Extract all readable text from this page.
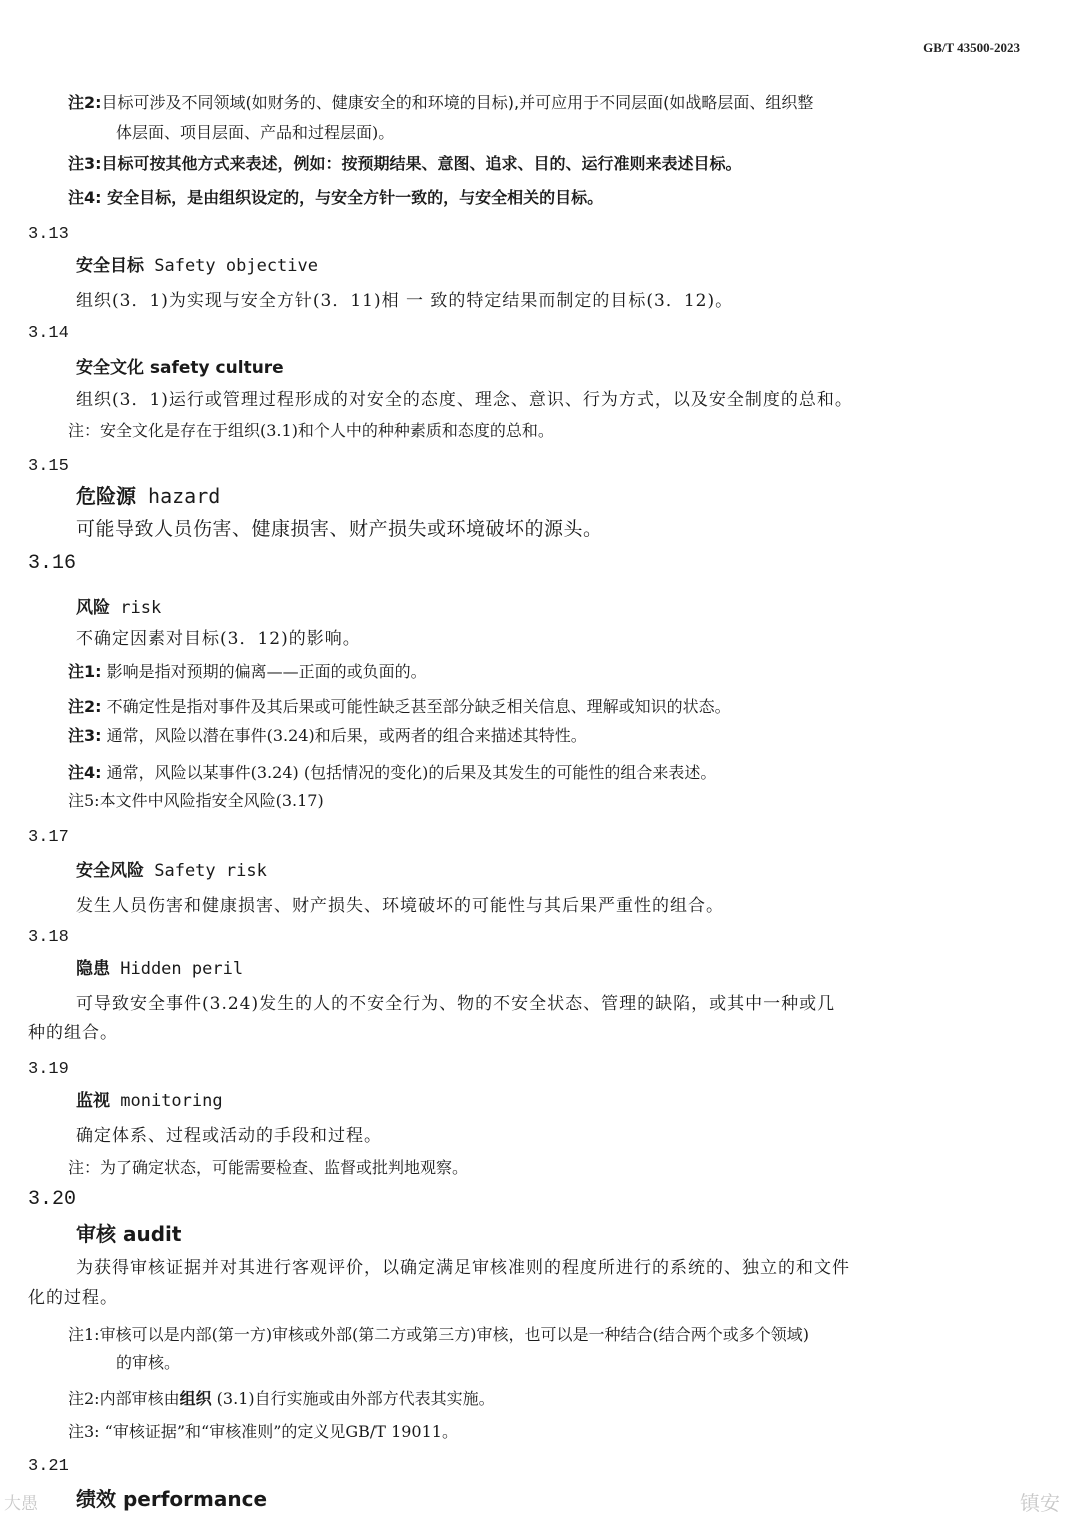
GB/T 43500-2023
注2:目标可涉及不同领域(如财务的、健康安全的和环境的目标),并可应用于不同层面(如战略层面、组织整
体层面、项目层面、产品和过程层面)。
注3:目标可按其他方式来表述，例如：按预期结果、意图、追求、目的、运行准则来表述目标。
注4: 安全目标，是由组织设定的，与安全方针一致的，与安全相关的目标。
3.13
安全目标 Safety objective
组织(3．1)为实现与安全方针(3．11)相 一 致的特定结果而制定的目标(3．12)。
3.14
安全文化 safety culture
组织(3．1)运行或管理过程形成的对安全的态度、理念、意识、行为方式，以及安全制度的总和。
注：安全文化是存在于组织(3.1)和个人中的种种素质和态度的总和。
3.15
危险源 hazard
可能导致人员伤害、健康损害、财产损失或环境破坏的源头。
3.16
风险 risk
不确定因素对目标(3．12)的影响。
注1: 影响是指对预期的偏离——正面的或负面的。
注2: 不确定性是指对事件及其后果或可能性缺乏甚至部分缺乏相关信息、理解或知识的状态。
注3: 通常，风险以潜在事件(3.24)和后果，或两者的组合来描述其特性。
注4: 通常，风险以某事件(3.24) (包括情况的变化)的后果及其发生的可能性的组合来表述。
注5:本文件中风险指安全风险(3.17)
3.17
安全风险 Safety risk
发生人员伤害和健康损害、财产损失、环境破坏的可能性与其后果严重性的组合。
3.18
隐患 Hidden peril
可导致安全事件(3.24)发生的人的不安全行为、物的不安全状态、管理的缺陷，或其中一种或几
种的组合。
3.19
监视 monitoring
确定体系、过程或活动的手段和过程。
注：为了确定状态，可能需要检查、监督或批判地观察。
3.20
审核 audit
为获得审核证据并对其进行客观评价，以确定满足审核准则的程度所进行的系统的、独立的和文件
化的过程。
注1:审核可以是内部(第一方)审核或外部(第二方或第三方)审核，也可以是一种结合(结合两个或多个领域)
的审核。
注2:内部审核由组织 (3.1)自行实施或由外部方代表其实施。
注3: “审核证据”和“审核准则”的定义见GB/T 19011。
3.21
绩效 performance
大愚	镇安
